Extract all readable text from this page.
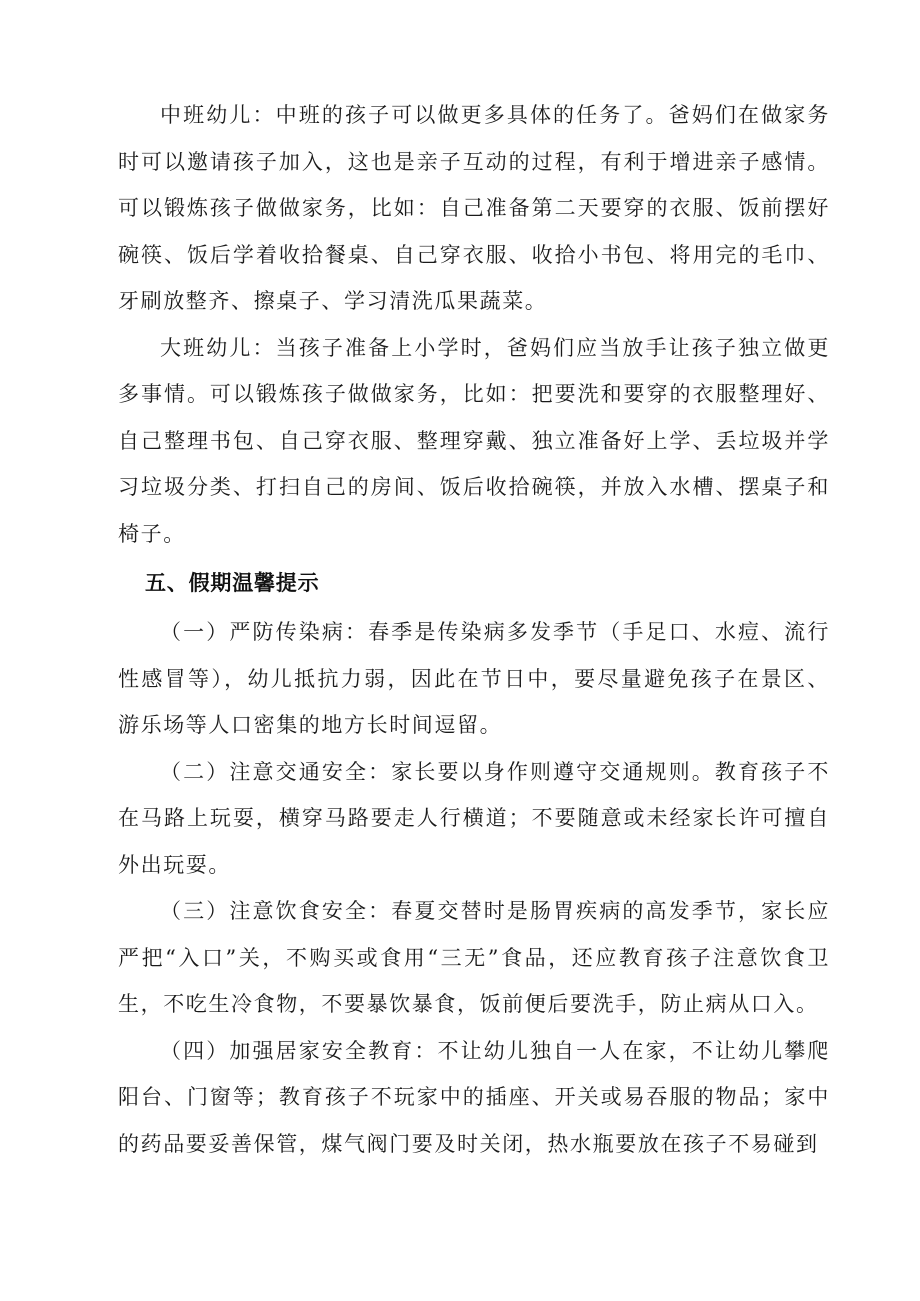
中班幼儿：中班的孩子可以做更多具体的任务了。爸妈们在做家务时可以邀请孩子加入，这也是亲子互动的过程，有利于增进亲子感情。可以锻炼孩子做做家务，比如：自己准备第二天要穿的衣服、饭前摆好碗筷、饭后学着收拾餐桌、自己穿衣服、收拾小书包、将用完的毛巾、牙刷放整齐、擦桌子、学习清洗瓜果蔬菜。

大班幼儿：当孩子准备上小学时，爸妈们应当放手让孩子独立做更多事情。可以锻炼孩子做做家务，比如：把要洗和要穿的衣服整理好、自己整理书包、自己穿衣服、整理穿戴、独立准备好上学、丢垃圾并学习垃圾分类、打扫自己的房间、饭后收拾碗筷，并放入水槽、摆桌子和椅子。

五、假期温馨提示

（一）严防传染病：春季是传染病多发季节（手足口、水痘、流行性感冒等），幼儿抵抗力弱，因此在节日中，要尽量避免孩子在景区、游乐场等人口密集的地方长时间逗留。

（二）注意交通安全：家长要以身作则遵守交通规则。教育孩子不在马路上玩耍，横穿马路要走人行横道；不要随意或未经家长许可擅自外出玩耍。

（三）注意饮食安全：春夏交替时是肠胃疾病的高发季节，家长应严把“入口”关，不购买或食用“三无”食品，还应教育孩子注意饮食卫生，不吃生冷食物，不要暴饮暴食，饭前便后要洗手，防止病从口入。

（四）加强居家安全教育：不让幼儿独自一人在家，不让幼儿攀爬阳台、门窗等；教育孩子不玩家中的插座、开关或易吞服的物品；家中的药品要妥善保管，煤气阀门要及时关闭，热水瓶要放在孩子不易碰到
